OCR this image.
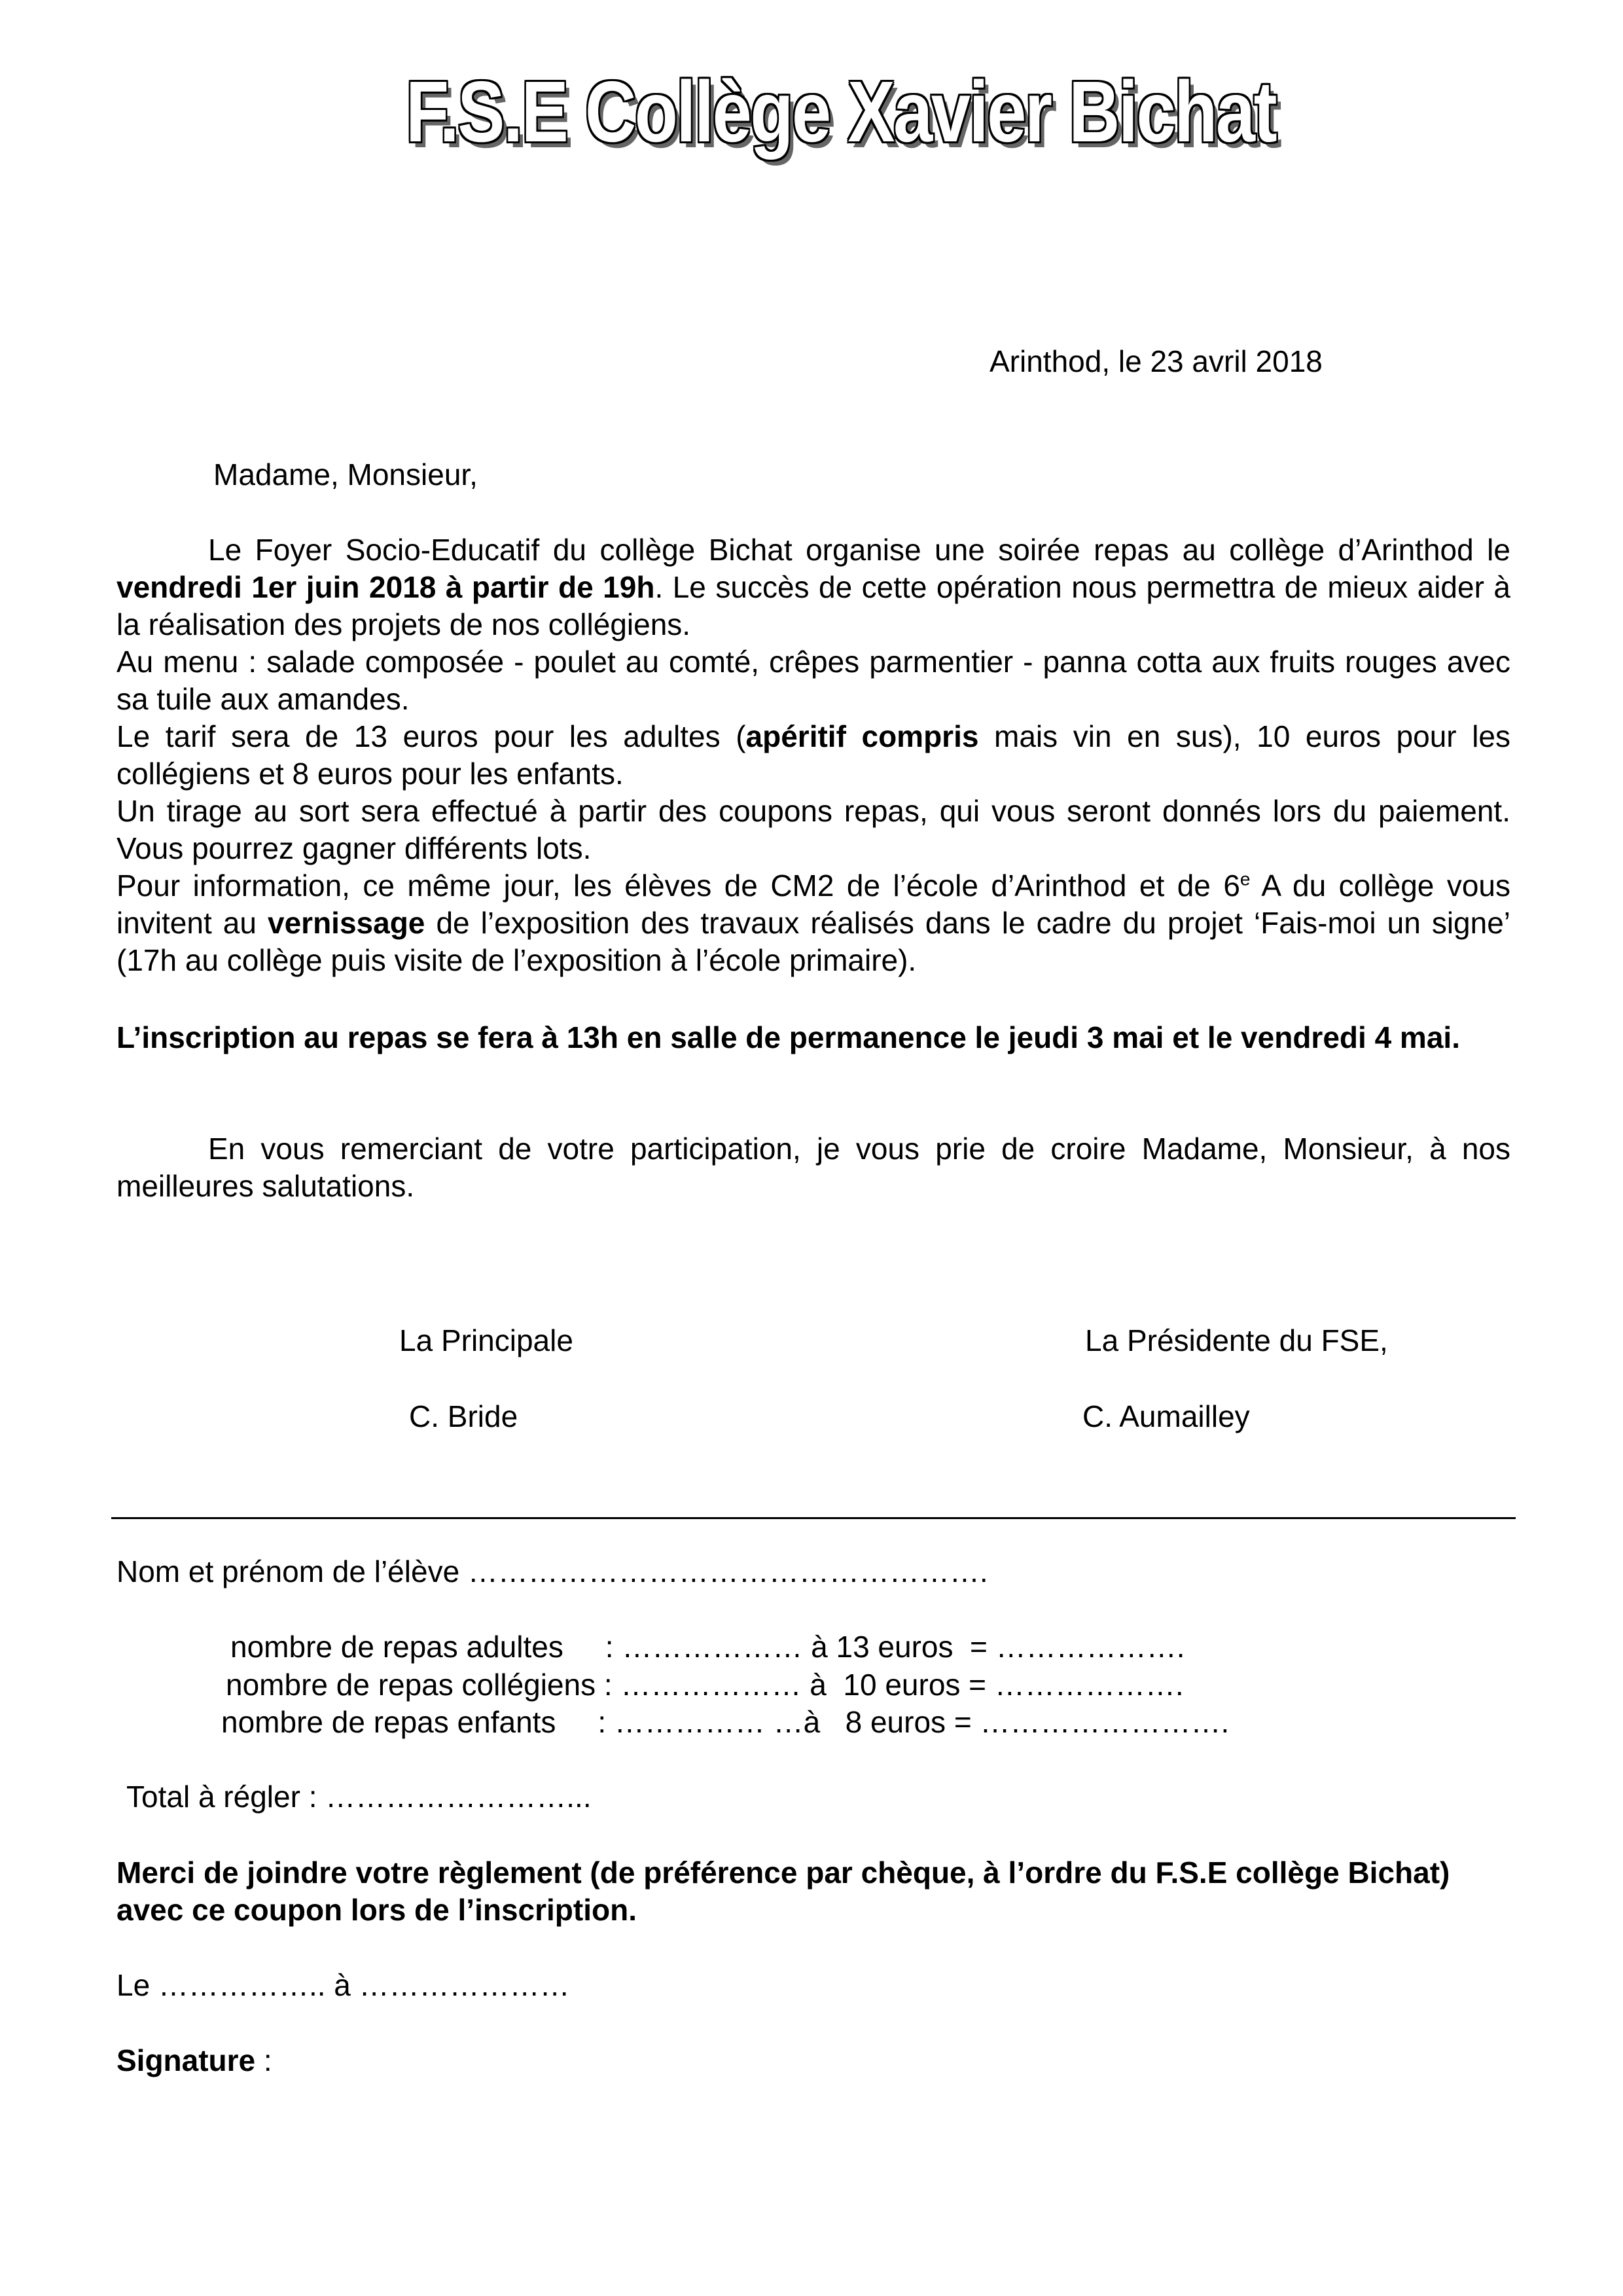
F.S.E Collège Xavier Bichat
Arinthod, le 23 avril 2018
Madame, Monsieur,

Le Foyer Socio-Educatif du collège Bichat organise une soirée repas au collège d’Arinthod le vendredi 1er juin 2018 à partir de 19h. Le succès de cette opération nous permettra de mieux aider à la réalisation des projets de nos collégiens.

Au menu : salade composée - poulet au comté, crêpes parmentier - panna cotta aux fruits rouges avec sa tuile aux amandes.

Le tarif sera de 13 euros pour les adultes (apéritif compris mais vin en sus), 10 euros pour les collégiens et 8 euros pour les enfants.

Un tirage au sort sera effectué à partir des coupons repas, qui vous seront donnés lors du paiement. Vous pourrez gagner différents lots.

Pour information, ce même jour, les élèves de CM2 de l’école d’Arinthod et de 6e A du collège vous invitent au vernissage de l’exposition des travaux réalisés dans le cadre du projet ‘Fais-moi un signe’ (17h au collège puis visite de l’exposition à l’école primaire).

L’inscription au repas se fera à 13h en salle de permanence le jeudi 3 mai et le vendredi 4 mai.
En vous remerciant de votre participation, je vous prie de croire Madame, Monsieur, à nos meilleures salutations.
La Principale
C. Bride
La Présidente du FSE,
C. Aumailley
Nom et prénom de l’élève …………………………………………….
nombre de repas adultes     : ……………… à 13 euros  = ……………….
nombre de repas collégiens : ……………… à  10 euros = ……………….
nombre de repas enfants     : …………… …à   8 euros = …………………….
Total à régler : ……………………...
Merci de joindre votre règlement (de préférence par chèque, à l’ordre du F.S.E collège Bichat) avec ce coupon lors de l’inscription.
Le …………….. à …………………
Signature :
